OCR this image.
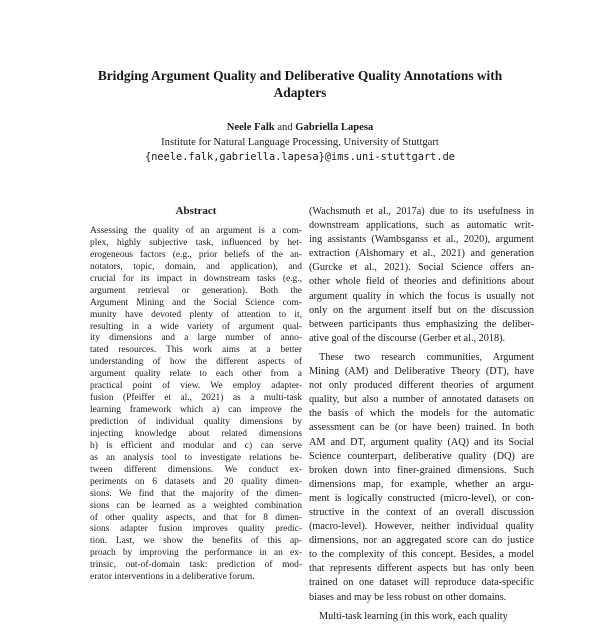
Bridging Argument Quality and Deliberative Quality Annotations with
Adapters
Neele Falk and Gabriella Lapesa
Institute for Natural Language Processing, University of Stuttgart
{neele.falk,gabriella.lapesa}@ims.uni-stuttgart.de
Abstract
Assessing the quality of an argument is a com-
plex, highly subjective task, influenced by het-
erogeneous factors (e.g., prior beliefs of the an-
notators, topic, domain, and application), and
crucial for its impact in downstream tasks (e.g.,
argument retrieval or generation). Both the
Argument Mining and the Social Science com-
munity have devoted plenty of attention to it,
resulting in a wide variety of argument qual-
ity dimensions and a large number of anno-
tated resources. This work aims at a better
understanding of how the different aspects of
argument quality relate to each other from a
practical point of view. We employ adapter-
fusion (Pfeiffer et al., 2021) as a multi-task
learning framework which a) can improve the
prediction of individual quality dimensions by
injecting knowledge about related dimensions
b) is efficient and modular and c) can serve
as an analysis tool to investigate relations be-
tween different dimensions. We conduct ex-
periments on 6 datasets and 20 quality dimen-
sions. We find that the majority of the dimen-
sions can be learned as a weighted combination
of other quality aspects, and that for 8 dimen-
sions adapter fusion improves quality predic-
tion. Last, we show the benefits of this ap-
proach by improving the performance in an ex-
trinsic, out-of-domain task: prediction of mod-
erator interventions in a deliberative forum.
(Wachsmuth et al., 2017a) due to its usefulness in
downstream applications, such as automatic writ-
ing assistants (Wambsganss et al., 2020), argument
extraction (Alshomary et al., 2021) and generation
(Gurcke et al., 2021). Social Science offers an-
other whole field of theories and definitions about
argument quality in which the focus is usually not
only on the argument itself but on the discussion
between participants thus emphasizing the deliber-
ative goal of the discourse (Gerber et al., 2018).
These two research communities, Argument
Mining (AM) and Deliberative Theory (DT), have
not only produced different theories of argument
quality, but also a number of annotated datasets on
the basis of which the models for the automatic
assessment can be (or have been) trained. In both
AM and DT, argument quality (AQ) and its Social
Science counterpart, deliberative quality (DQ) are
broken down into finer-grained dimensions. Such
dimensions map, for example, whether an argu-
ment is logically constructed (micro-level), or con-
structive in the context of an overall discussion
(macro-level). However, neither individual quality
dimensions, nor an aggregated score can do justice
to the complexity of this concept. Besides, a model
that represents different aspects but has only been
trained on one dataset will reproduce data-specific
biases and may be less robust on other domains.
Multi-task learning (in this work, each quality
